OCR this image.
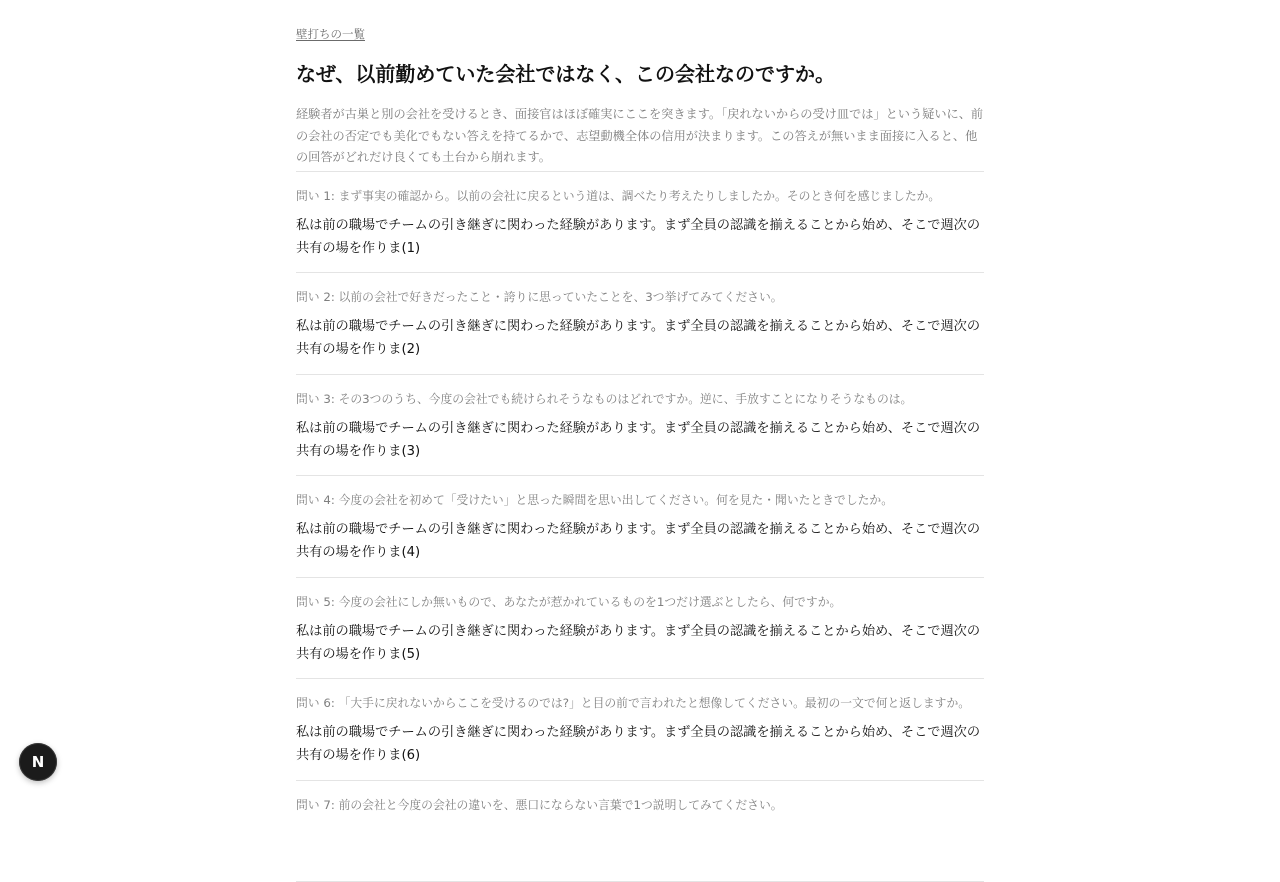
壁打ちの一覧
なぜ、以前勤めていた会社ではなく、この会社なのですか。

経験者が古巣と別の会社を受けるとき、面接官はほぼ確実にここを突きます。「戻れないからの受け皿では」という疑いに、前の会社の否定でも美化でもない答えを持てるかで、志望動機全体の信用が決まります。この答えが無いまま面接に入ると、他の回答がどれだけ良くても土台から崩れます。

問い 1: まず事実の確認から。以前の会社に戻るという道は、調べたり考えたりしましたか。そのとき何を感じましたか。
私は前の職場でチームの引き継ぎに関わった経験があります。まず全員の認識を揃えることから始め、そこで週次の共有の場を作りま(1)
問い 2: 以前の会社で好きだったこと・誇りに思っていたことを、3つ挙げてみてください。
私は前の職場でチームの引き継ぎに関わった経験があります。まず全員の認識を揃えることから始め、そこで週次の共有の場を作りま(2)
問い 3: その3つのうち、今度の会社でも続けられそうなものはどれですか。逆に、手放すことになりそうなものは。
私は前の職場でチームの引き継ぎに関わった経験があります。まず全員の認識を揃えることから始め、そこで週次の共有の場を作りま(3)
問い 4: 今度の会社を初めて「受けたい」と思った瞬間を思い出してください。何を見た・聞いたときでしたか。
私は前の職場でチームの引き継ぎに関わった経験があります。まず全員の認識を揃えることから始め、そこで週次の共有の場を作りま(4)
問い 5: 今度の会社にしか無いもので、あなたが惹かれているものを1つだけ選ぶとしたら、何ですか。
私は前の職場でチームの引き継ぎに関わった経験があります。まず全員の認識を揃えることから始め、そこで週次の共有の場を作りま(5)
問い 6: 「大手に戻れないからここを受けるのでは?」と目の前で言われたと想像してください。最初の一文で何と返しますか。
私は前の職場でチームの引き継ぎに関わった経験があります。まず全員の認識を揃えることから始め、そこで週次の共有の場を作りま(6)
問い 7: 前の会社と今度の会社の違いを、悪口にならない言葉で1つ説明してみてください。
N
